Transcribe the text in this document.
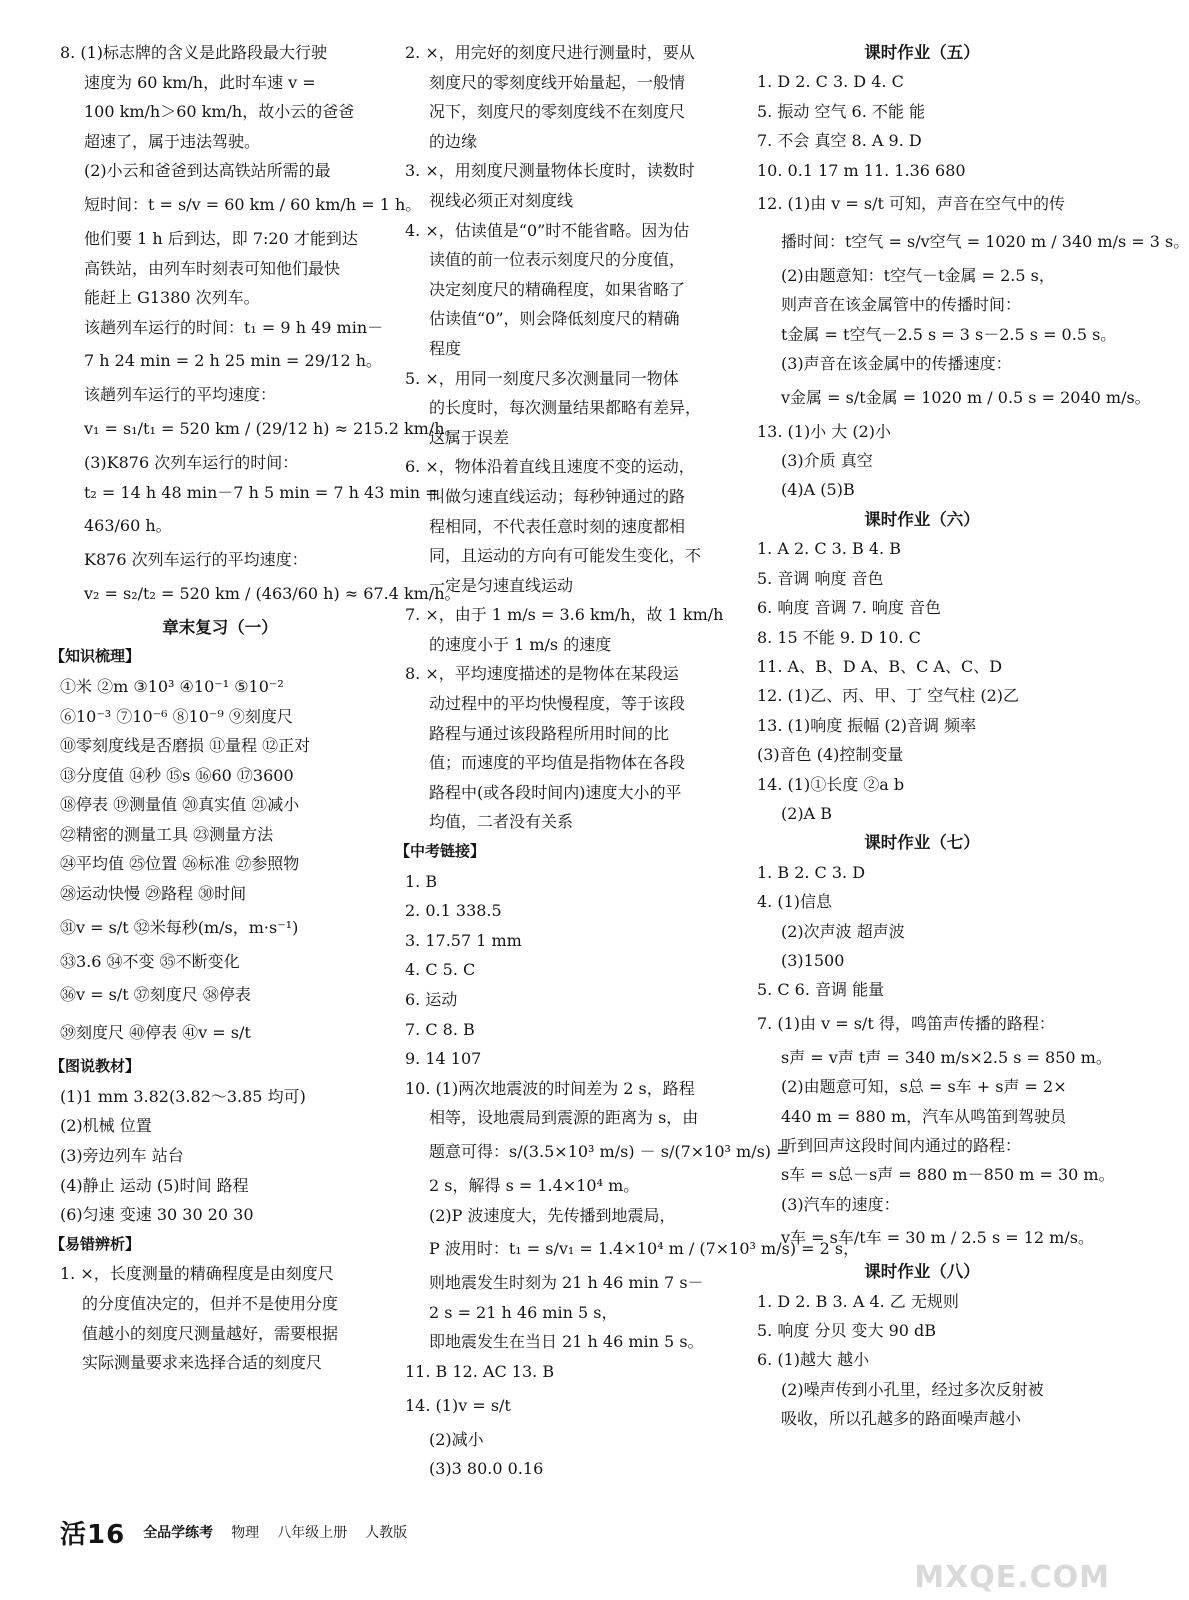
8. (1)标志牌的含义是此路段最大行驶
速度为 60 km/h，此时车速 v =
100 km/h＞60 km/h，故小云的爸爸
超速了，属于违法驾驶。
(2)小云和爸爸到达高铁站所需的最
短时间：t = s/v = 60 km / 60 km/h = 1 h。
他们要 1 h 后到达，即 7:20 才能到达
高铁站，由列车时刻表可知他们最快
能赶上 G1380 次列车。
该趟列车运行的时间：t₁ = 9 h 49 min－
7 h 24 min = 2 h 25 min = 29/12 h。
该趟列车运行的平均速度：
v₁ = s₁/t₁ = 520 km / (29/12 h) ≈ 215.2 km/h。
(3)K876 次列车运行的时间：
t₂ = 14 h 48 min－7 h 5 min = 7 h 43 min =
463/60 h。
K876 次列车运行的平均速度：
v₂ = s₂/t₂ = 520 km / (463/60 h) ≈ 67.4 km/h。
章末复习（一）
【知识梳理】
①米 ②m ③10³ ④10⁻¹ ⑤10⁻²
⑥10⁻³ ⑦10⁻⁶ ⑧10⁻⁹ ⑨刻度尺
⑩零刻度线是否磨损 ⑪量程 ⑫正对
⑬分度值 ⑭秒 ⑮s ⑯60 ⑰3600
⑱停表 ⑲测量值 ⑳真实值 ㉑减小
㉒精密的测量工具 ㉓测量方法
㉔平均值 ㉕位置 ㉖标准 ㉗参照物
㉘运动快慢 ㉙路程 ㉚时间
㉛v = s/t ㉜米每秒(m/s，m·s⁻¹)
㉝3.6 ㉞不变 ㉟不断变化
㊱v = s/t ㊲刻度尺 ㊳停表
㊴刻度尺 ㊵停表 ㊶v = s/t
【图说教材】
(1)1 mm 3.82(3.82～3.85 均可)
(2)机械 位置
(3)旁边列车 站台
(4)静止 运动 (5)时间 路程
(6)匀速 变速 30 30 20 30
【易错辨析】
1. ×，长度测量的精确程度是由刻度尺
的分度值决定的，但并不是使用分度
值越小的刻度尺测量越好，需要根据
实际测量要求来选择合适的刻度尺
2. ×，用完好的刻度尺进行测量时，要从
刻度尺的零刻度线开始量起，一般情
况下，刻度尺的零刻度线不在刻度尺
的边缘
3. ×，用刻度尺测量物体长度时，读数时
视线必须正对刻度线
4. ×，估读值是“0”时不能省略。因为估
读值的前一位表示刻度尺的分度值，
决定刻度尺的精确程度，如果省略了
估读值“0”，则会降低刻度尺的精确
程度
5. ×，用同一刻度尺多次测量同一物体
的长度时，每次测量结果都略有差异，
这属于误差
6. ×，物体沿着直线且速度不变的运动，
叫做匀速直线运动；每秒钟通过的路
程相同，不代表任意时刻的速度都相
同，且运动的方向有可能发生变化，不
一定是匀速直线运动
7. ×，由于 1 m/s = 3.6 km/h，故 1 km/h
的速度小于 1 m/s 的速度
8. ×，平均速度描述的是物体在某段运
动过程中的平均快慢程度，等于该段
路程与通过该段路程所用时间的比
值；而速度的平均值是指物体在各段
路程中(或各段时间内)速度大小的平
均值，二者没有关系
【中考链接】
1. B
2. 0.1 338.5
3. 17.57 1 mm
4. C 5. C
6. 运动
7. C 8. B
9. 14 107
10. (1)两次地震波的时间差为 2 s，路程
相等，设地震局到震源的距离为 s，由
题意可得：s/(3.5×10³ m/s) － s/(7×10³ m/s) =
2 s，解得 s = 1.4×10⁴ m。
(2)P 波速度大，先传播到地震局，
P 波用时：t₁ = s/v₁ = 1.4×10⁴ m / (7×10³ m/s) = 2 s，
则地震发生时刻为 21 h 46 min 7 s－
2 s = 21 h 46 min 5 s，
即地震发生在当日 21 h 46 min 5 s。
11. B 12. AC 13. B
14. (1)v = s/t
(2)减小
(3)3 80.0 0.16
课时作业（五）
1. D 2. C 3. D 4. C
5. 振动 空气 6. 不能 能
7. 不会 真空 8. A 9. D
10. 0.1 17 m 11. 1.36 680
12. (1)由 v = s/t 可知，声音在空气中的传
播时间：t空气 = s/v空气 = 1020 m / 340 m/s = 3 s。
(2)由题意知：t空气－t金属 = 2.5 s，
则声音在该金属管中的传播时间：
t金属 = t空气－2.5 s = 3 s－2.5 s = 0.5 s。
(3)声音在该金属中的传播速度：
v金属 = s/t金属 = 1020 m / 0.5 s = 2040 m/s。
13. (1)小 大 (2)小
(3)介质 真空
(4)A (5)B
课时作业（六）
1. A 2. C 3. B 4. B
5. 音调 响度 音色
6. 响度 音调 7. 响度 音色
8. 15 不能 9. D 10. C
11. A、B、D A、B、C A、C、D
12. (1)乙、丙、甲、丁 空气柱 (2)乙
13. (1)响度 振幅 (2)音调 频率
(3)音色 (4)控制变量
14. (1)①长度 ②a b
(2)A B
课时作业（七）
1. B 2. C 3. D
4. (1)信息
(2)次声波 超声波
(3)1500
5. C 6. 音调 能量
7. (1)由 v = s/t 得，鸣笛声传播的路程：
s声 = v声 t声 = 340 m/s×2.5 s = 850 m。
(2)由题意可知，s总 = s车 + s声 = 2×
440 m = 880 m，汽车从鸣笛到驾驶员
听到回声这段时间内通过的路程：
s车 = s总－s声 = 880 m－850 m = 30 m。
(3)汽车的速度：
v车 = s车/t车 = 30 m / 2.5 s = 12 m/s。
课时作业（八）
1. D 2. B 3. A 4. 乙 无规则
5. 响度 分贝 变大 90 dB
6. (1)越大 越小
(2)噪声传到小孔里，经过多次反射被
吸收，所以孔越多的路面噪声越小
活16 全品学练考 物理 八年级上册 人教版
MXQE.COM
